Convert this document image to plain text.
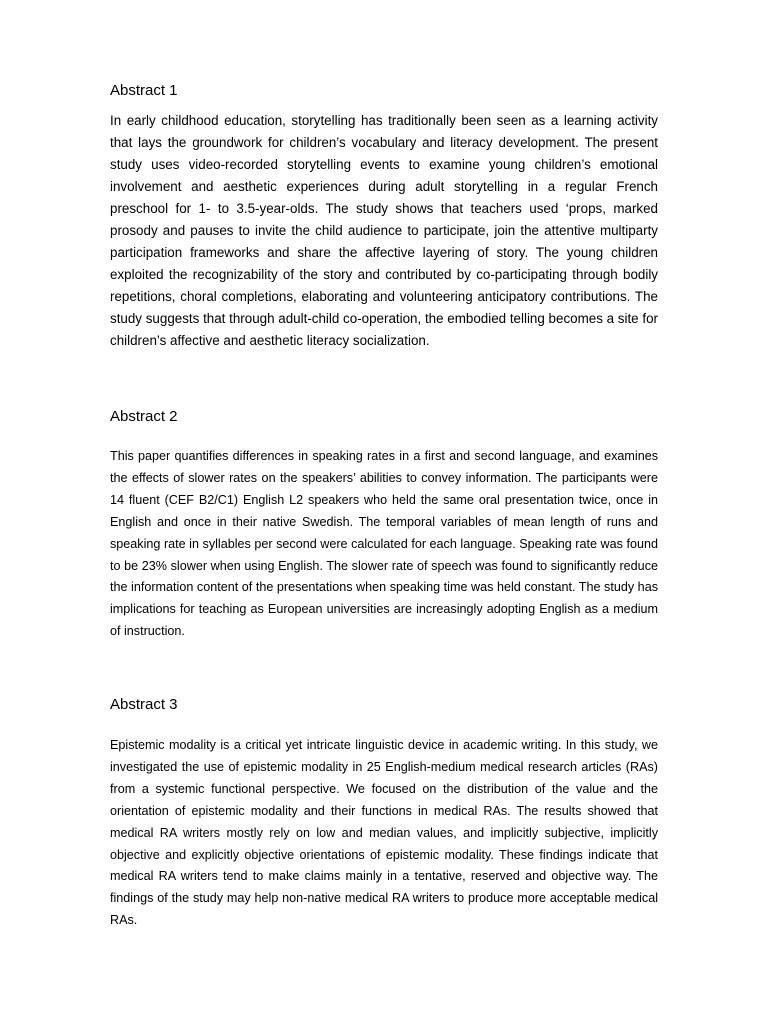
Abstract 1

In early childhood education, storytelling has traditionally been seen as a learning activity that lays the groundwork for children’s vocabulary and literacy development. The present study uses video-recorded storytelling events to examine young children’s emotional involvement and aesthetic experiences during adult storytelling in a regular French preschool for 1- to 3.5-year-olds. The study shows that teachers used ‘props, marked prosody and pauses to invite the child audience to participate, join the attentive multiparty participation frameworks and share the affective layering of story. The young children exploited the recognizability of the story and contributed by co-participating through bodily repetitions, choral completions, elaborating and volunteering anticipatory contributions. The study suggests that through adult-child co-operation, the embodied telling becomes a site for children’s affective and aesthetic literacy socialization.

Abstract 2

This paper quantifies differences in speaking rates in a first and second language, and examines the effects of slower rates on the speakers’ abilities to convey information. The participants were 14 fluent (CEF B2/C1) English L2 speakers who held the same oral presentation twice, once in English and once in their native Swedish. The temporal variables of mean length of runs and speaking rate in syllables per second were calculated for each language. Speaking rate was found to be 23% slower when using English. The slower rate of speech was found to significantly reduce the information content of the presentations when speaking time was held constant. The study has implications for teaching as European universities are increasingly adopting English as a medium of instruction.

Abstract 3

Epistemic modality is a critical yet intricate linguistic device in academic writing. In this study, we investigated the use of epistemic modality in 25 English-medium medical research articles (RAs) from a systemic functional perspective. We focused on the distribution of the value and the orientation of epistemic modality and their functions in medical RAs. The results showed that medical RA writers mostly rely on low and median values, and implicitly subjective, implicitly objective and explicitly objective orientations of epistemic modality. These findings indicate that medical RA writers tend to make claims mainly in a tentative, reserved and objective way. The findings of the study may help non-native medical RA writers to produce more acceptable medical RAs.
